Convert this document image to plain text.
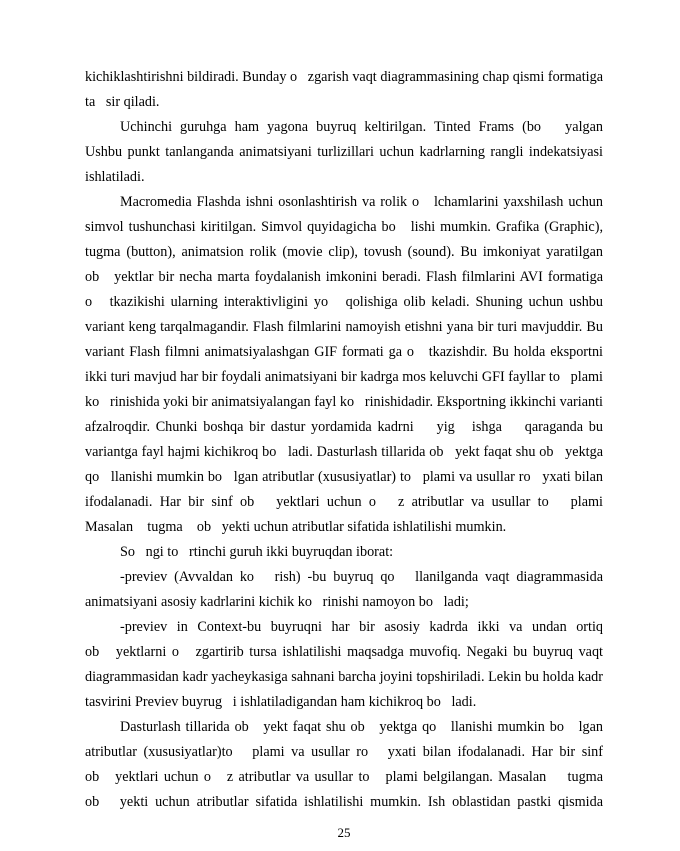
kichiklashtirishni bildiradi. Bunday o   zgarish vaqt diagrammasining chap qismi formatiga
ta   sir qiladi.
Uchinchi guruhga ham yagona buyruq keltirilgan. Tinted Frams (bo   yalgan
Ushbu punkt tanlanganda animatsiyani turlizillari uchun kadrlarning rangli indekatsiyasi
ishlatiladi.
Macromedia Flashda ishni osonlashtirish va rolik o   lchamlarini yaxshilash uchun
simvol tushunchasi kiritilgan. Simvol quyidagicha bo   lishi mumkin. Grafika (Graphic),
tugma (button), animatsion rolik (movie clip), tovush (sound). Bu imkoniyat yaratilgan
ob   yektlar bir necha marta foydalanish imkonini beradi. Flash filmlarini AVI formatiga
o   tkazikishi ularning interaktivligini yo   qolishiga olib keladi. Shuning uchun ushbu
variant keng tarqalmagandir. Flash filmlarini namoyish etishni yana bir turi mavjuddir. Bu
variant Flash filmni animatsiyalashgan GIF formati ga o   tkazishdir. Bu holda eksportni
ikki turi mavjud har bir foydali animatsiyani bir kadrga mos keluvchi GFI fayllar to   plami
ko   rinishida yoki bir animatsiyalangan fayl ko   rinishidadir. Eksportning ikkinchi varianti
afzalroqdir. Chunki boshqa bir dastur yordamida kadrni    yig   ishga    qaraganda bu
variantga fayl hajmi kichikroq bo   ladi. Dasturlash tillarida ob   yekt faqat shu ob   yektga
qo   llanishi mumkin bo   lgan atributlar (xususiyatlar) to   plami va usullar ro   yxati bilan
ifodalanadi. Har bir sinf ob   yektlari uchun o   z atributlar va usullar to   plami
Masalan    tugma    ob   yekti uchun atributlar sifatida ishlatilishi mumkin.
So   ngi to   rtinchi guruh ikki buyruqdan iborat:
-previev (Avvaldan ko   rish) -bu buyruq qo   llanilganda vaqt diagrammasida
animatsiyani asosiy kadrlarini kichik ko   rinishi namoyon bo   ladi;
-previev in Context-bu buyruqni har bir asosiy kadrda ikki va undan ortiq
ob   yektlarni o   zgartirib tursa ishlatilishi maqsadga muvofiq. Negaki bu buyruq vaqt
diagrammasidan kadr yacheykasiga sahnani barcha joyini topshiriladi. Lekin bu holda kadr
tasvirini Previev buyrug   i ishlatiladigandan ham kichikroq bo   ladi.
Dasturlash tillarida ob   yekt faqat shu ob   yektga qo   llanishi mumkin bo   lgan
atributlar (xususiyatlar)to   plami va usullar ro   yxati bilan ifodalanadi. Har bir sinf
ob   yektlari uchun o   z atributlar va usullar to   plami belgilangan. Masalan    tugma
ob   yekti uchun atributlar sifatida ishlatilishi mumkin. Ish oblastidan pastki qismida
25
